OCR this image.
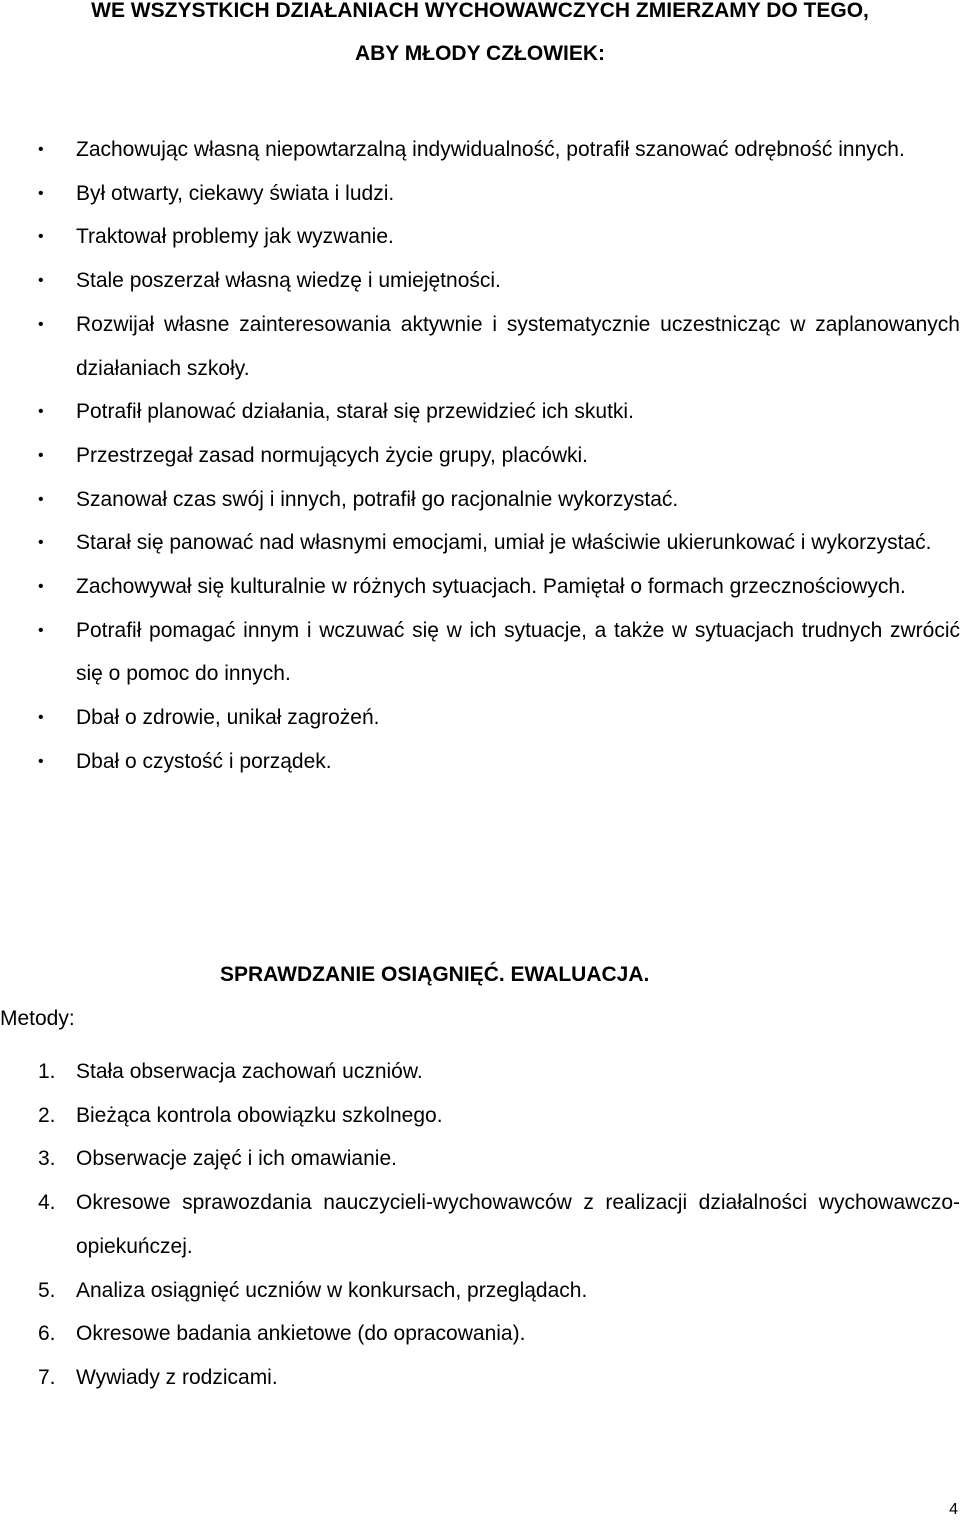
WE WSZYSTKICH DZIAŁANIACH WYCHOWAWCZYCH ZMIERZAMY DO TEGO,
ABY MŁODY CZŁOWIEK:
• Zachowując własną niepowtarzalną indywidualność, potrafił szanować odrębność innych.
• Był otwarty, ciekawy świata i ludzi.
• Traktował problemy jak wyzwanie.
• Stale poszerzał własną wiedzę i umiejętności.
• Rozwijał własne zainteresowania aktywnie i systematycznie uczestnicząc w zaplanowanych działaniach szkoły.
• Potrafił planować działania, starał się przewidzieć ich skutki.
• Przestrzegał zasad normujących życie grupy, placówki.
• Szanował czas swój i innych, potrafił go racjonalnie wykorzystać.
• Starał się panować nad własnymi emocjami, umiał je właściwie ukierunkować i wykorzystać.
• Zachowywał się kulturalnie w różnych sytuacjach. Pamiętał o formach grzecznościowych.
• Potrafił pomagać innym i wczuwać się w ich sytuacje, a także w sytuacjach trudnych zwrócić się o pomoc do innych.
• Dbał o zdrowie, unikał zagrożeń.
• Dbał o czystość i porządek.
SPRAWDZANIE OSIĄGNIĘĆ. EWALUACJA.
Metody:
1. Stała obserwacja zachowań uczniów.
2. Bieżąca kontrola obowiązku szkolnego.
3. Obserwacje zajęć i ich omawianie.
4. Okresowe sprawozdania nauczycieli-wychowawców z realizacji działalności wychowawczo-opiekuńczej.
5. Analiza osiągnięć uczniów w konkursach, przeglądach.
6. Okresowe badania ankietowe (do opracowania).
7. Wywiady z rodzicami.
4
